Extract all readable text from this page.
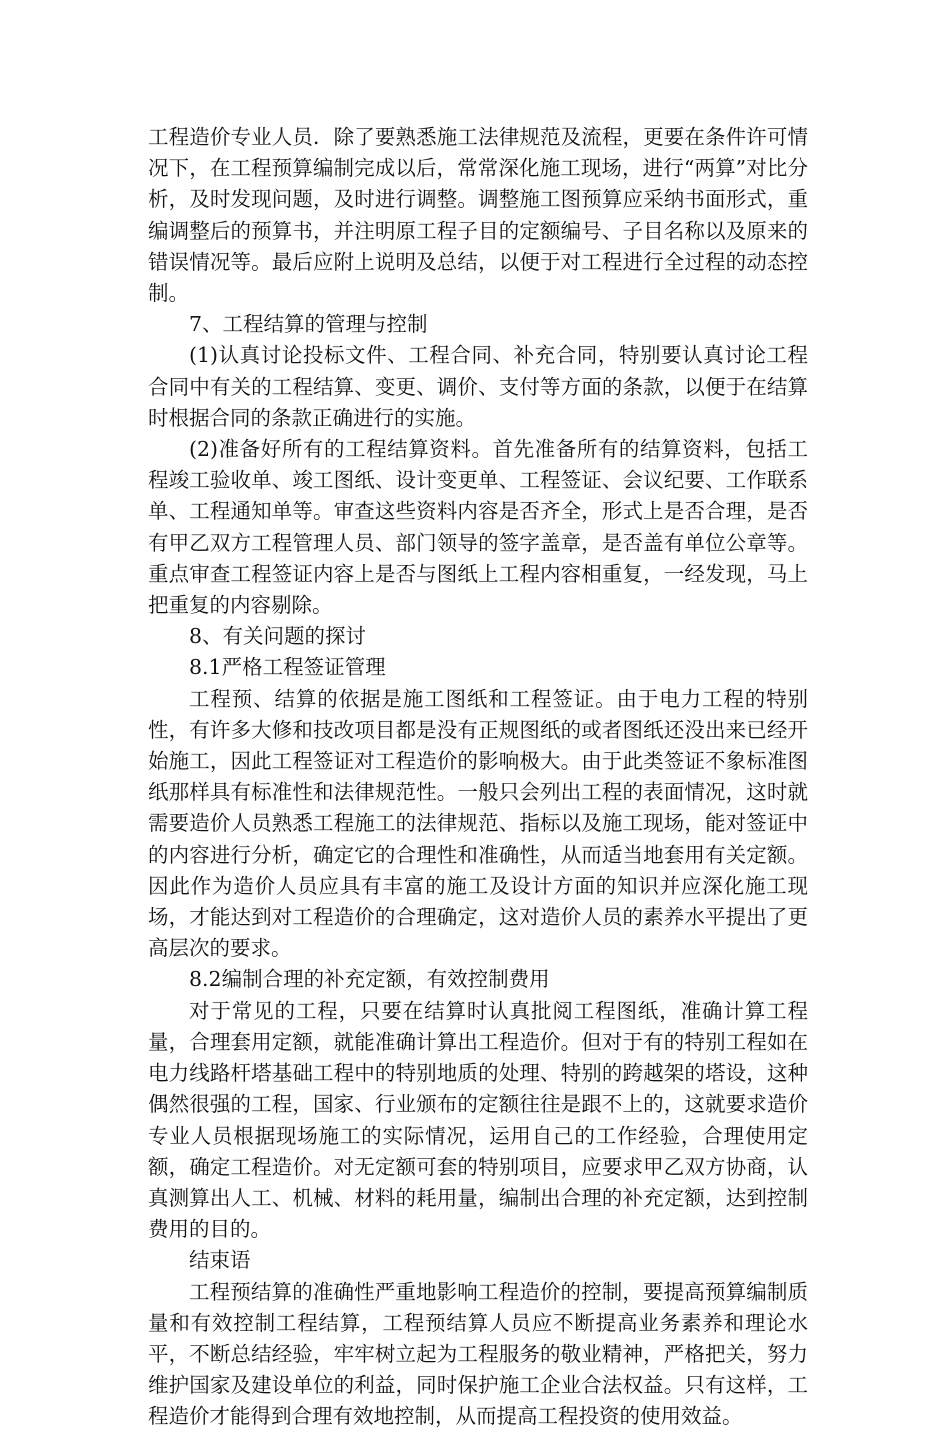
工程造价专业人员．除了要熟悉施工法律规范及流程，更要在条件许可情况下，在工程预算编制完成以后，常常深化施工现场，进行“两算”对比分析，及时发现问题，及时进行调整。调整施工图预算应采纳书面形式，重编调整后的预算书，并注明原工程子目的定额编号、子目名称以及原来的错误情况等。最后应附上说明及总结，以便于对工程进行全过程的动态控制。

7、工程结算的管理与控制

(1)认真讨论投标文件、工程合同、补充合同，特别要认真讨论工程合同中有关的工程结算、变更、调价、支付等方面的条款，以便于在结算时根据合同的条款正确进行的实施。

(2)准备好所有的工程结算资料。首先准备所有的结算资料，包括工程竣工验收单、竣工图纸、设计变更单、工程签证、会议纪要、工作联系单、工程通知单等。审查这些资料内容是否齐全，形式上是否合理，是否有甲乙双方工程管理人员、部门领导的签字盖章，是否盖有单位公章等。重点审查工程签证内容上是否与图纸上工程内容相重复，一经发现，马上把重复的内容剔除。

8、有关问题的探讨

8.1严格工程签证管理

工程预、结算的依据是施工图纸和工程签证。由于电力工程的特别性，有许多大修和技改项目都是没有正规图纸的或者图纸还没出来已经开始施工，因此工程签证对工程造价的影响极大。由于此类签证不象标准图纸那样具有标准性和法律规范性。一般只会列出工程的表面情况，这时就需要造价人员熟悉工程施工的法律规范、指标以及施工现场，能对签证中的内容进行分析，确定它的合理性和准确性，从而适当地套用有关定额。因此作为造价人员应具有丰富的施工及设计方面的知识并应深化施工现场，才能达到对工程造价的合理确定，这对造价人员的素养水平提出了更高层次的要求。

8.2编制合理的补充定额，有效控制费用

对于常见的工程，只要在结算时认真批阅工程图纸，准确计算工程量，合理套用定额，就能准确计算出工程造价。但对于有的特别工程如在电力线路杆塔基础工程中的特别地质的处理、特别的跨越架的塔设，这种偶然很强的工程，国家、行业颁布的定额往往是跟不上的，这就要求造价专业人员根据现场施工的实际情况，运用自己的工作经验，合理使用定额，确定工程造价。对无定额可套的特别项目，应要求甲乙双方协商，认真测算出人工、机械、材料的耗用量，编制出合理的补充定额，达到控制费用的目的。

结束语

工程预结算的准确性严重地影响工程造价的控制，要提高预算编制质量和有效控制工程结算，工程预结算人员应不断提高业务素养和理论水平，不断总结经验，牢牢树立起为工程服务的敬业精神，严格把关，努力维护国家及建设单位的利益，同时保护施工企业合法权益。只有这样，工程造价才能得到合理有效地控制，从而提高工程投资的使用效益。
